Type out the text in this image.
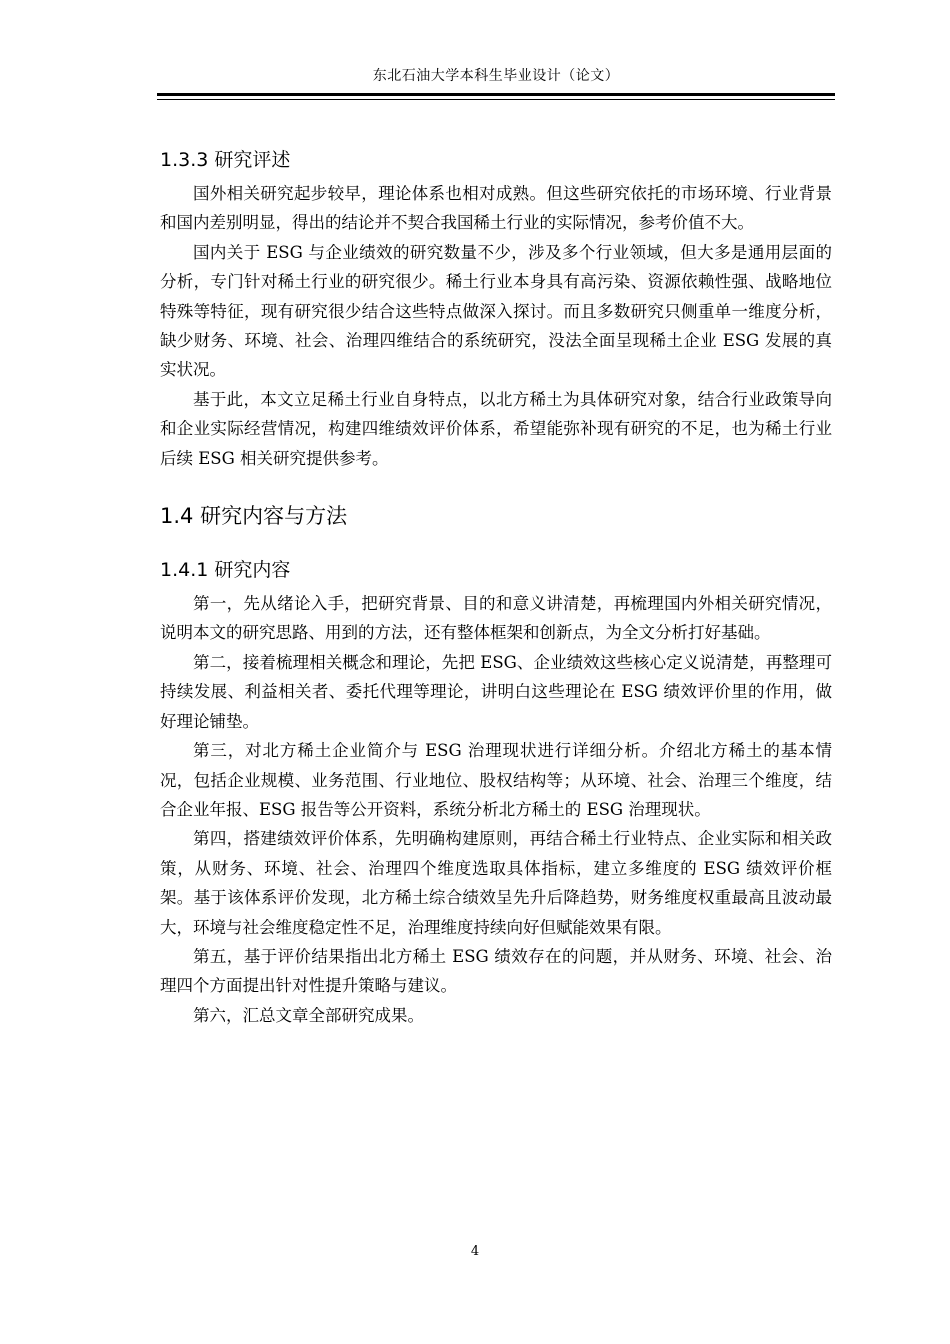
东北石油大学本科生毕业设计（论文）
1.3.3 研究评述

国外相关研究起步较早，理论体系也相对成熟。但这些研究依托的市场环境、行业背景和国内差别明显，得出的结论并不契合我国稀土行业的实际情况，参考价值不大。

国内关于 ESG 与企业绩效的研究数量不少，涉及多个行业领域，但大多是通用层面的分析，专门针对稀土行业的研究很少。稀土行业本身具有高污染、资源依赖性强、战略地位特殊等特征，现有研究很少结合这些特点做深入探讨。而且多数研究只侧重单一维度分析，缺少财务、环境、社会、治理四维结合的系统研究，没法全面呈现稀土企业 ESG 发展的真实状况。

基于此，本文立足稀土行业自身特点，以北方稀土为具体研究对象，结合行业政策导向和企业实际经营情况，构建四维绩效评价体系，希望能弥补现有研究的不足，也为稀土行业后续 ESG 相关研究提供参考。

1.4 研究内容与方法
1.4.1 研究内容

第一，先从绪论入手，把研究背景、目的和意义讲清楚，再梳理国内外相关研究情况，说明本文的研究思路、用到的方法，还有整体框架和创新点，为全文分析打好基础。

第二，接着梳理相关概念和理论，先把 ESG、企业绩效这些核心定义说清楚，再整理可持续发展、利益相关者、委托代理等理论，讲明白这些理论在 ESG 绩效评价里的作用，做好理论铺垫。

第三，对北方稀土企业简介与 ESG 治理现状进行详细分析。介绍北方稀土的基本情况，包括企业规模、业务范围、行业地位、股权结构等；从环境、社会、治理三个维度，结合企业年报、ESG 报告等公开资料，系统分析北方稀土的 ESG 治理现状。

第四，搭建绩效评价体系，先明确构建原则，再结合稀土行业特点、企业实际和相关政策，从财务、环境、社会、治理四个维度选取具体指标，建立多维度的 ESG 绩效评价框架。基于该体系评价发现，北方稀土综合绩效呈先升后降趋势，财务维度权重最高且波动最大，环境与社会维度稳定性不足，治理维度持续向好但赋能效果有限。

第五，基于评价结果指出北方稀土 ESG 绩效存在的问题，并从财务、环境、社会、治理四个方面提出针对性提升策略与建议。

第六，汇总文章全部研究成果。

4
